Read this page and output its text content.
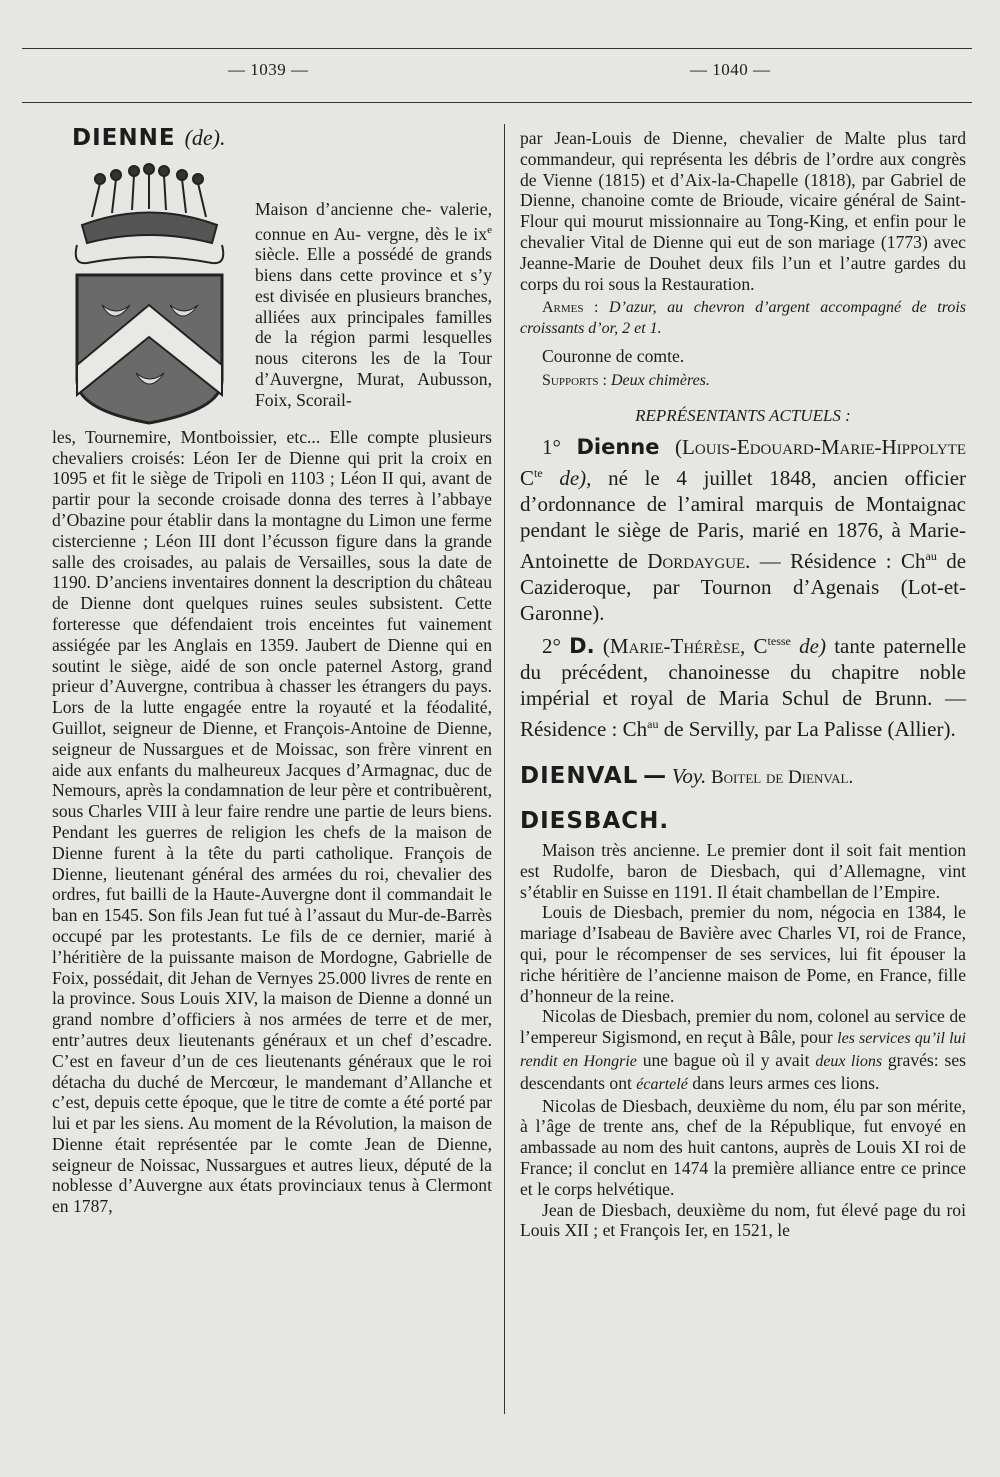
— 1039 —	— 1040 —

DIENNE (de).

Maison d’ancienne che- valerie, connue en Au- vergne, dès le $ix^e$ siècle. Elle a possédé de grands biens dans cette province et s’y est divisée en plusieurs branches, alliées aux principales familles de la région parmi lesquelles nous citerons les de la Tour d’Auvergne, Murat, Aubusson, Foix, Scorail-

les, Tournemire, Montboissier, etc... Elle compte plusieurs chevaliers croisés: Léon Ier de Dienne qui prit la croix en 1095 et fit le siège de Tripoli en 1103 ; Léon II qui, avant de partir pour la seconde croisade donna des terres à l’abbaye d’Obazine pour établir dans la montagne du Limon une ferme cistercienne ; Léon III dont l’écusson figure dans la grande salle des croisades, au palais de Versailles, sous la date de 1190. D’anciens inventaires donnent la description du château de Dienne dont quelques ruines seules subsistent. Cette forteresse que défendaient trois enceintes fut vainement assiégée par les Anglais en 1359. Jaubert de Dienne qui en soutint le siège, aidé de son oncle paternel Astorg, grand prieur d’Auvergne, contribua à chasser les étrangers du pays. Lors de la lutte engagée entre la royauté et la féodalité, Guillot, seigneur de Dienne, et François-Antoine de Dienne, seigneur de Nussargues et de Moissac, son frère vinrent en aide aux enfants du malheureux Jacques d’Armagnac, duc de Nemours, après la condamnation de leur père et contribuèrent, sous Charles VIII à leur faire rendre une partie de leurs biens. Pendant les guerres de religion les chefs de la maison de Dienne furent à la tête du parti catholique. François de Dienne, lieutenant général des armées du roi, chevalier des ordres, fut bailli de la Haute-Auvergne dont il commandait le ban en 1545. Son fils Jean fut tué à l’assaut du Mur-de-Barrès occupé par les protestants. Le fils de ce dernier, marié à l’héritière de la puissante maison de Mordogne, Gabrielle de Foix, possédait, dit Jehan de Vernyes 25.000 livres de rente en la province. Sous Louis XIV, la maison de Dienne a donné un grand nombre d’officiers à nos armées de terre et de mer, entr’autres deux lieutenants généraux et un chef d’escadre. C’est en faveur d’un de ces lieutenants généraux que le roi détacha du duché de Mercœur, le mandemant d’Allanche et c’est, depuis cette époque, que le titre de comte a été porté par lui et par les siens. Au moment de la Révolution, la maison de Dienne était représentée par le comte Jean de Dienne, seigneur de Noissac, Nussargues et autres lieux, député de la noblesse d’Auvergne aux états provinciaux tenus à Clermont en 1787,

par Jean-Louis de Dienne, chevalier de Malte plus tard commandeur, qui représenta les débris de l’ordre aux congrès de Vienne (1815) et d’Aix-la-Chapelle (1818), par Gabriel de Dienne, chanoine comte de Brioude, vicaire général de Saint-Flour qui mourut missionnaire au Tong-King, et enfin pour le chevalier Vital de Dienne qui eut de son mariage (1773) avec Jeanne-Marie de Douhet deux fils l’un et l’autre gardes du corps du roi sous la Restauration.

Armes : D’azur, au chevron d’argent accompagné de trois croissants d’or, 2 et 1.

Couronne de comte.

Supports : Deux chimères.

REPRÉSENTANTS ACTUELS :

1° Dienne (Louis-Edouard-Marie-Hippolyte $C^{te}$ de), né le 4 juillet 1848, ancien officier d’ordonnance de l’amiral marquis de Montaignac pendant le siège de Paris, marié en 1876, à Marie-Antoinette de Dordaygue. — Résidence : $Ch^{au}$ de Cazideroque, par Tournon d’Agenais (Lot-et-Garonne).

2° D. (Marie-Thérèse, $C^{tesse}$ de) tante paternelle du précédent, chanoinesse du chapitre noble impérial et royal de Maria Schul de Brunn. — Résidence : $Ch^{au}$ de Servilly, par La Palisse (Allier).

DIENVAL — Voy. Boitel de Dienval.

DIESBACH.

Maison très ancienne. Le premier dont il soit fait mention est Rudolfe, baron de Diesbach, qui d’Allemagne, vint s’établir en Suisse en 1191. Il était chambellan de l’Empire.

Louis de Diesbach, premier du nom, négocia en 1384, le mariage d’Isabeau de Bavière avec Charles VI, roi de France, qui, pour le récompenser de ses services, lui fit épouser la riche héritière de l’ancienne maison de Pome, en France, fille d’honneur de la reine.

Nicolas de Diesbach, premier du nom, colonel au service de l’empereur Sigismond, en reçut à Bâle, pour les services qu’il lui rendit en Hongrie une bague où il y avait deux lions gravés: ses descendants ont écartelé dans leurs armes ces lions.

Nicolas de Diesbach, deuxième du nom, élu par son mérite, à l’âge de trente ans, chef de la République, fut envoyé en ambassade au nom des huit cantons, auprès de Louis XI roi de France; il conclut en 1474 la première alliance entre ce prince et le corps helvétique.

Jean de Diesbach, deuxième du nom, fut élevé page du roi Louis XII ; et François Ier, en 1521, le
